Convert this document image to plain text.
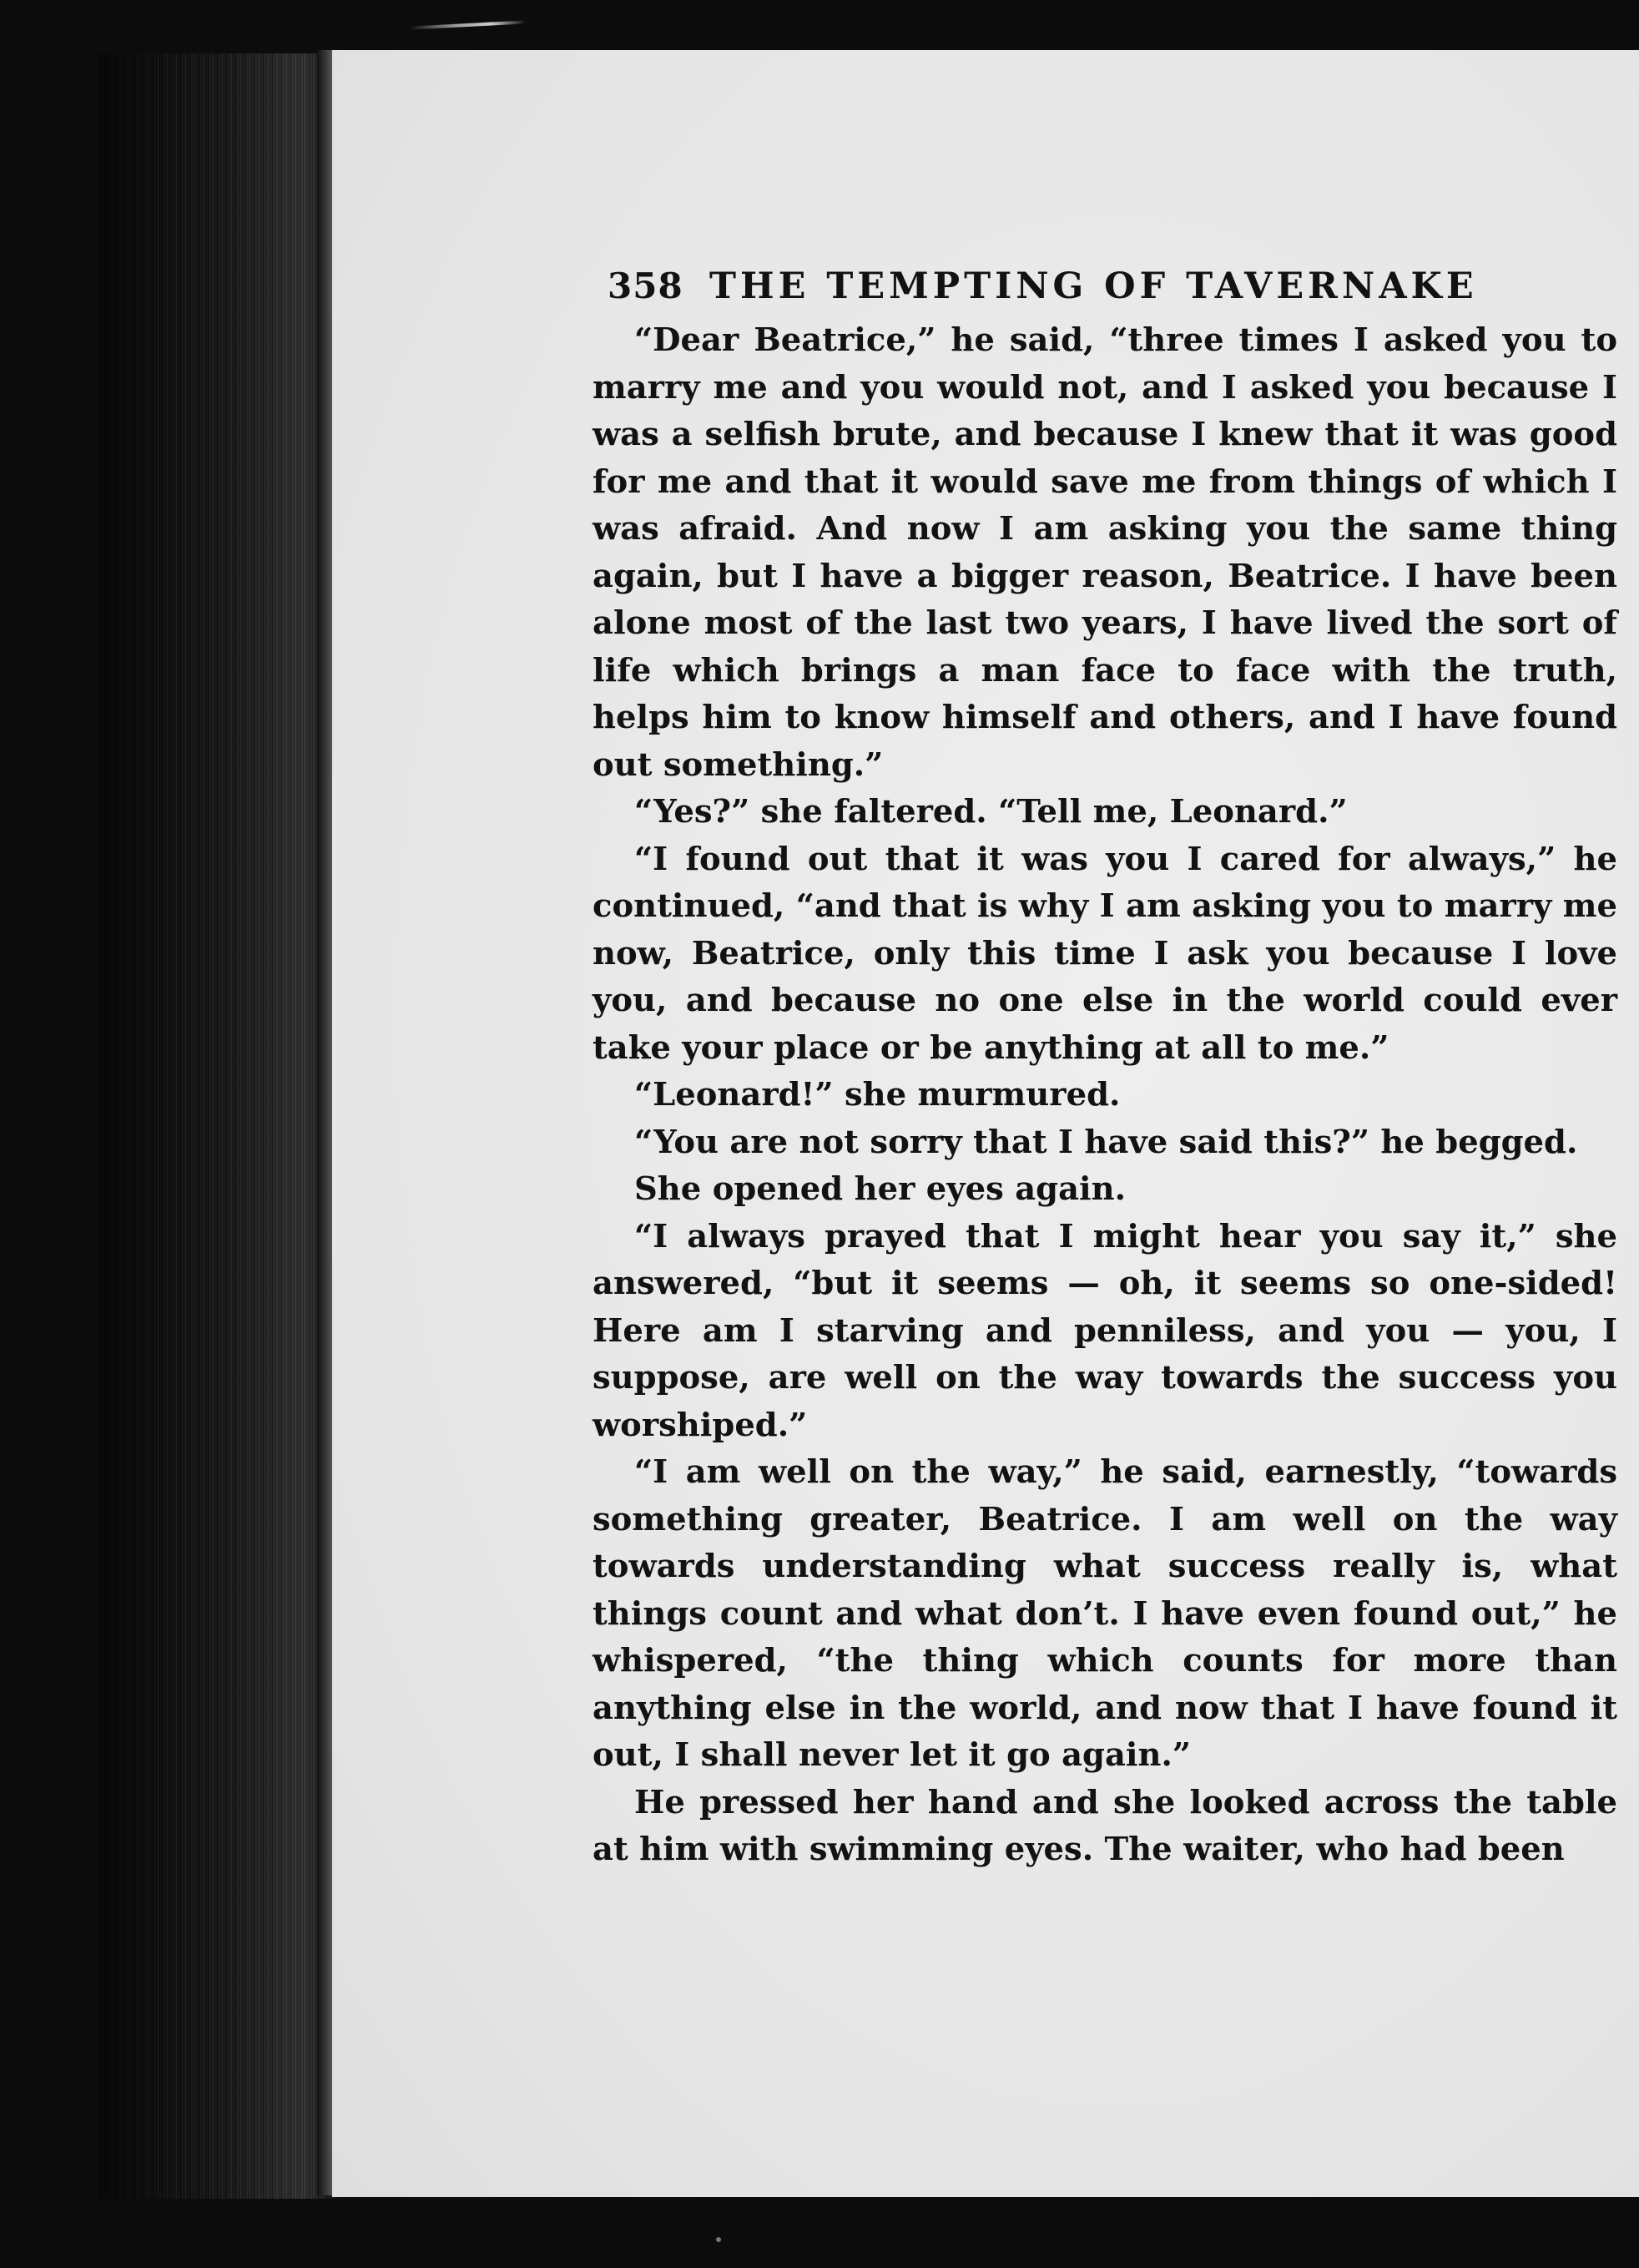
358 THE TEMPTING OF TAVERNAKE

“Dear Beatrice,” he said, “three times I asked you to marry me and you would not, and I asked you because I was a selfish brute, and because I knew that it was good for me and that it would save me from things of which I was afraid. And now I am asking you the same thing again, but I have a bigger reason, Beatrice. I have been alone most of the last two years, I have lived the sort of life which brings a man face to face with the truth, helps him to know himself and others, and I have found out something.”

“Yes?” she faltered. “Tell me, Leonard.”

“I found out that it was you I cared for always,” he continued, “and that is why I am asking you to marry me now, Beatrice, only this time I ask you because I love you, and because no one else in the world could ever take your place or be anything at all to me.”

“Leonard!” she murmured.

“You are not sorry that I have said this?” he begged.

She opened her eyes again.

“I always prayed that I might hear you say it,” she answered, “but it seems — oh, it seems so one-sided! Here am I starving and penniless, and you — you, I suppose, are well on the way towards the success you worshiped.”

“I am well on the way,” he said, earnestly, “towards something greater, Beatrice. I am well on the way towards understanding what success really is, what things count and what don’t. I have even found out,” he whispered, “the thing which counts for more than anything else in the world, and now that I have found it out, I shall never let it go again.”

He pressed her hand and she looked across the table at him with swimming eyes. The waiter, who had been
